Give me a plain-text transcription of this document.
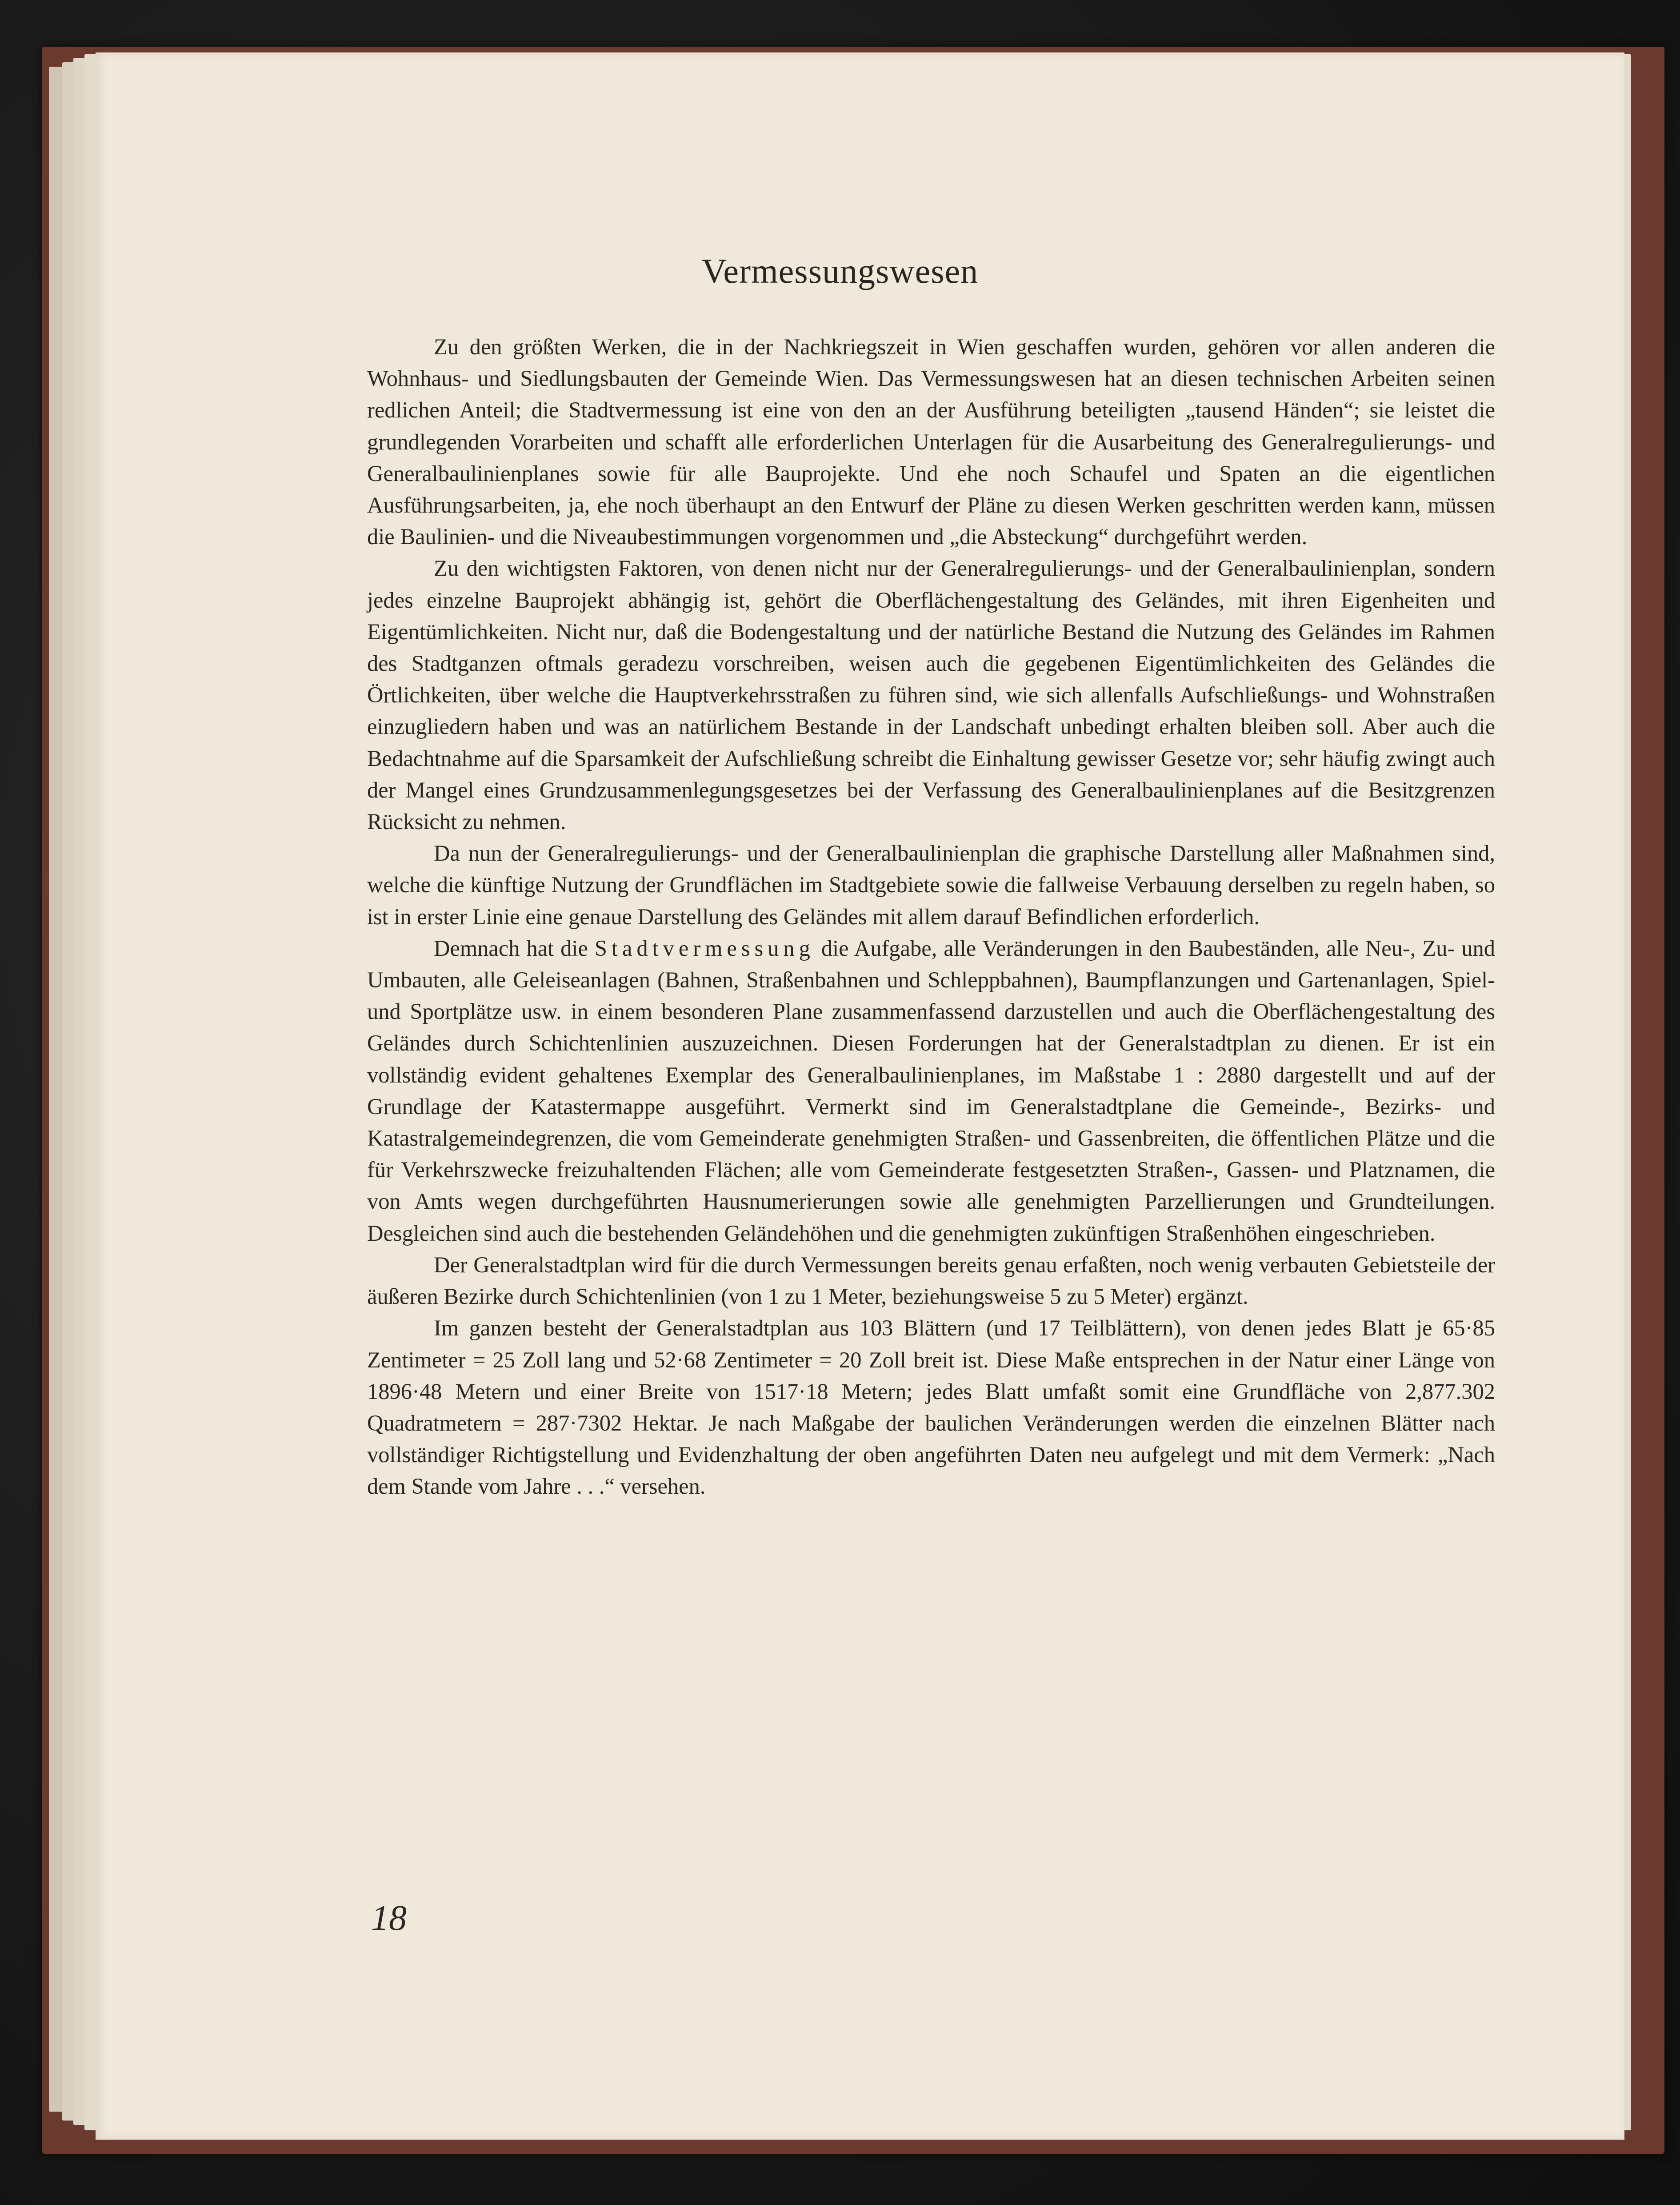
Vermessungswesen

Zu den größten Werken, die in der Nachkriegszeit in Wien geschaffen wurden, gehören vor allen anderen die Wohnhaus- und Siedlungsbauten der Gemeinde Wien. Das Vermessungswesen hat an diesen technischen Arbeiten seinen redlichen Anteil; die Stadtvermessung ist eine von den an der Ausführung beteiligten „tausend Händen“; sie leistet die grundlegenden Vorarbeiten und schafft alle erforderlichen Unterlagen für die Ausarbeitung des Generalregulierungs- und Generalbaulinienplanes sowie für alle Bauprojekte. Und ehe noch Schaufel und Spaten an die eigentlichen Ausführungsarbeiten, ja, ehe noch überhaupt an den Entwurf der Pläne zu diesen Werken geschritten werden kann, müssen die Baulinien- und die Niveaubestimmungen vorgenommen und „die Absteckung“ durchgeführt werden.

Zu den wichtigsten Faktoren, von denen nicht nur der Generalregulierungs- und der Generalbaulinienplan, sondern jedes einzelne Bauprojekt abhängig ist, gehört die Oberflächengestaltung des Geländes, mit ihren Eigenheiten und Eigentümlichkeiten. Nicht nur, daß die Bodengestaltung und der natürliche Bestand die Nutzung des Geländes im Rahmen des Stadtganzen oftmals geradezu vorschreiben, weisen auch die gegebenen Eigentümlichkeiten des Geländes die Örtlichkeiten, über welche die Hauptverkehrsstraßen zu führen sind, wie sich allenfalls Aufschließungs- und Wohnstraßen einzugliedern haben und was an natürlichem Bestande in der Landschaft unbedingt erhalten bleiben soll. Aber auch die Bedachtnahme auf die Sparsamkeit der Aufschließung schreibt die Einhaltung gewisser Gesetze vor; sehr häufig zwingt auch der Mangel eines Grundzusammenlegungsgesetzes bei der Verfassung des Generalbaulinienplanes auf die Besitzgrenzen Rücksicht zu nehmen.

Da nun der Generalregulierungs- und der Generalbaulinienplan die graphische Darstellung aller Maßnahmen sind, welche die künftige Nutzung der Grundflächen im Stadtgebiete sowie die fallweise Verbauung derselben zu regeln haben, so ist in erster Linie eine genaue Darstellung des Geländes mit allem darauf Befindlichen erforderlich.

Demnach hat die Stadtvermessung die Aufgabe, alle Veränderungen in den Baubeständen, alle Neu-, Zu- und Umbauten, alle Geleiseanlagen (Bahnen, Straßenbahnen und Schleppbahnen), Baumpflanzungen und Gartenanlagen, Spiel- und Sportplätze usw. in einem besonderen Plane zusammenfassend darzustellen und auch die Oberflächengestaltung des Geländes durch Schichtenlinien auszuzeichnen. Diesen Forderungen hat der Generalstadtplan zu dienen. Er ist ein vollständig evident gehaltenes Exemplar des Generalbaulinienplanes, im Maßstabe 1 : 2880 dargestellt und auf der Grundlage der Katastermappe ausgeführt. Vermerkt sind im Generalstadtplane die Gemeinde-, Bezirks- und Katastralgemeindegrenzen, die vom Gemeinderate genehmigten Straßen- und Gassenbreiten, die öffentlichen Plätze und die für Verkehrszwecke freizuhaltenden Flächen; alle vom Gemeinderate festgesetzten Straßen-, Gassen- und Platznamen, die von Amts wegen durchgeführten Hausnumerierungen sowie alle genehmigten Parzellierungen und Grundteilungen. Desgleichen sind auch die bestehenden Geländehöhen und die genehmigten zukünftigen Straßenhöhen eingeschrieben.

Der Generalstadtplan wird für die durch Vermessungen bereits genau erfaßten, noch wenig verbauten Gebietsteile der äußeren Bezirke durch Schichtenlinien (von 1 zu 1 Meter, beziehungsweise 5 zu 5 Meter) ergänzt.

Im ganzen besteht der Generalstadtplan aus 103 Blättern (und 17 Teilblättern), von denen jedes Blatt je 65·85 Zentimeter = 25 Zoll lang und 52·68 Zentimeter = 20 Zoll breit ist. Diese Maße entsprechen in der Natur einer Länge von 1896·48 Metern und einer Breite von 1517·18 Metern; jedes Blatt umfaßt somit eine Grundfläche von 2,877.302 Quadratmetern = 287·7302 Hektar. Je nach Maßgabe der baulichen Veränderungen werden die einzelnen Blätter nach vollständiger Richtigstellung und Evidenzhaltung der oben angeführten Daten neu aufgelegt und mit dem Vermerk: „Nach dem Stande vom Jahre . . .“ versehen.

18
